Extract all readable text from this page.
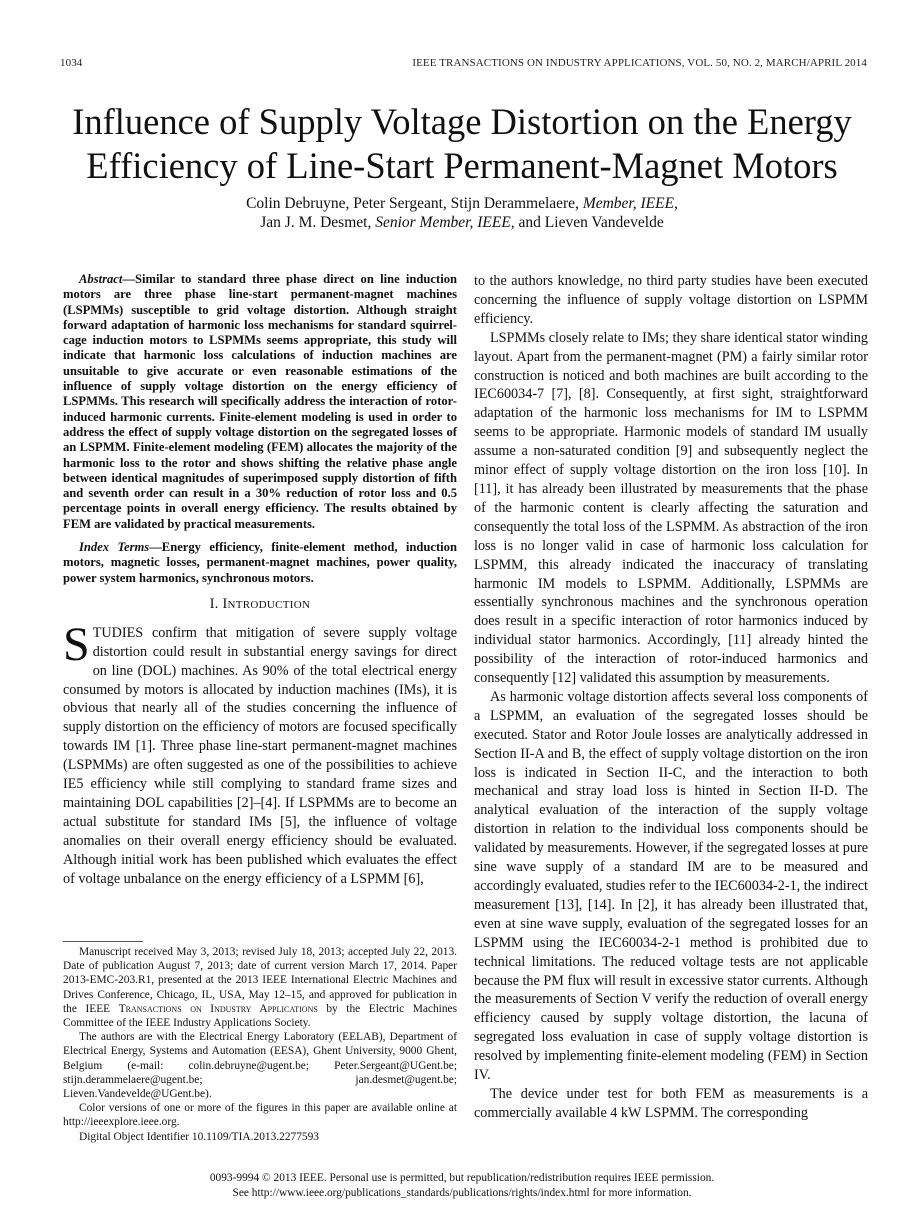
1034	IEEE TRANSACTIONS ON INDUSTRY APPLICATIONS, VOL. 50, NO. 2, MARCH/APRIL 2014
Influence of Supply Voltage Distortion on the Energy Efficiency of Line-Start Permanent-Magnet Motors
Colin Debruyne, Peter Sergeant, Stijn Derammelaere, Member, IEEE,
Jan J. M. Desmet, Senior Member, IEEE, and Lieven Vandevelde

Abstract—Similar to standard three phase direct on line induction motors are three phase line-start permanent-magnet machines (LSPMMs) susceptible to grid voltage distortion. Although straight forward adaptation of harmonic loss mechanisms for standard squirrel-cage induction motors to LSPMMs seems appropriate, this study will indicate that harmonic loss calculations of induction machines are unsuitable to give accurate or even reasonable estimations of the influence of supply voltage distortion on the energy efficiency of LSPMMs. This research will specifically address the interaction of rotor-induced harmonic currents. Finite-element modeling is used in order to address the effect of supply voltage distortion on the segregated losses of an LSPMM. Finite-element modeling (FEM) allocates the majority of the harmonic loss to the rotor and shows shifting the relative phase angle between identical magnitudes of superimposed supply distortion of fifth and seventh order can result in a 30% reduction of rotor loss and 0.5 percentage points in overall energy efficiency. The results obtained by FEM are validated by practical measurements.

Index Terms—Energy efficiency, finite-element method, induction motors, magnetic losses, permanent-magnet machines, power quality, power system harmonics, synchronous motors.

I. INTRODUCTION

STUDIES confirm that mitigation of severe supply voltage distortion could result in substantial energy savings for direct on line (DOL) machines. As 90% of the total electrical energy consumed by motors is allocated by induction machines (IMs), it is obvious that nearly all of the studies concerning the influence of supply distortion on the efficiency of motors are focused specifically towards IM [1]. Three phase line-start permanent-magnet machines (LSPMMs) are often suggested as one of the possibilities to achieve IE5 efficiency while still complying to standard frame sizes and maintaining DOL capabilities [2]–[4]. If LSPMMs are to become an actual substitute for standard IMs [5], the influence of voltage anomalies on their overall energy efficiency should be evaluated. Although initial work has been published which evaluates the effect of voltage unbalance on the energy efficiency of a LSPMM [6],

Manuscript received May 3, 2013; revised July 18, 2013; accepted July 22, 2013. Date of publication August 7, 2013; date of current version March 17, 2014. Paper 2013-EMC-203.R1, presented at the 2013 IEEE International Electric Machines and Drives Conference, Chicago, IL, USA, May 12–15, and approved for publication in the IEEE Transactions on Industry Applications by the Electric Machines Committee of the IEEE Industry Applications Society.

The authors are with the Electrical Energy Laboratory (EELAB), Department of Electrical Energy, Systems and Automation (EESA), Ghent University, 9000 Ghent, Belgium (e-mail: colin.debruyne@ugent.be; Peter.Sergeant@UGent.be; stijn.derammelaere@ugent.be; jan.desmet@ugent.be; Lieven.Vandevelde@UGent.be).

Color versions of one or more of the figures in this paper are available online at http://ieeexplore.ieee.org.

Digital Object Identifier 10.1109/TIA.2013.2277593

to the authors knowledge, no third party studies have been executed concerning the influence of supply voltage distortion on LSPMM efficiency.

LSPMMs closely relate to IMs; they share identical stator winding layout. Apart from the permanent-magnet (PM) a fairly similar rotor construction is noticed and both machines are built according to the IEC60034-7 [7], [8]. Consequently, at first sight, straightforward adaptation of the harmonic loss mechanisms for IM to LSPMM seems to be appropriate. Harmonic models of standard IM usually assume a non-saturated condition [9] and subsequently neglect the minor effect of supply voltage distortion on the iron loss [10]. In [11], it has already been illustrated by measurements that the phase of the harmonic content is clearly affecting the saturation and consequently the total loss of the LSPMM. As abstraction of the iron loss is no longer valid in case of harmonic loss calculation for LSPMM, this already indicated the inaccuracy of translating harmonic IM models to LSPMM. Additionally, LSPMMs are essentially synchronous machines and the synchronous operation does result in a specific interaction of rotor harmonics induced by individual stator harmonics. Accordingly, [11] already hinted the possibility of the interaction of rotor-induced harmonics and consequently [12] validated this assumption by measurements.

As harmonic voltage distortion affects several loss components of a LSPMM, an evaluation of the segregated losses should be executed. Stator and Rotor Joule losses are analytically addressed in Section II-A and B, the effect of supply voltage distortion on the iron loss is indicated in Section II-C, and the interaction to both mechanical and stray load loss is hinted in Section II-D. The analytical evaluation of the interaction of the supply voltage distortion in relation to the individual loss components should be validated by measurements. However, if the segregated losses at pure sine wave supply of a standard IM are to be measured and accordingly evaluated, studies refer to the IEC60034-2-1, the indirect measurement [13], [14]. In [2], it has already been illustrated that, even at sine wave supply, evaluation of the segregated losses for an LSPMM using the IEC60034-2-1 method is prohibited due to technical limitations. The reduced voltage tests are not applicable because the PM flux will result in excessive stator currents. Although the measurements of Section V verify the reduction of overall energy efficiency caused by supply voltage distortion, the lacuna of segregated loss evaluation in case of supply voltage distortion is resolved by implementing finite-element modeling (FEM) in Section IV.

The device under test for both FEM as measurements is a commercially available 4 kW LSPMM. The corresponding

0093-9994 © 2013 IEEE. Personal use is permitted, but republication/redistribution requires IEEE permission.
See http://www.ieee.org/publications_standards/publications/rights/index.html for more information.
